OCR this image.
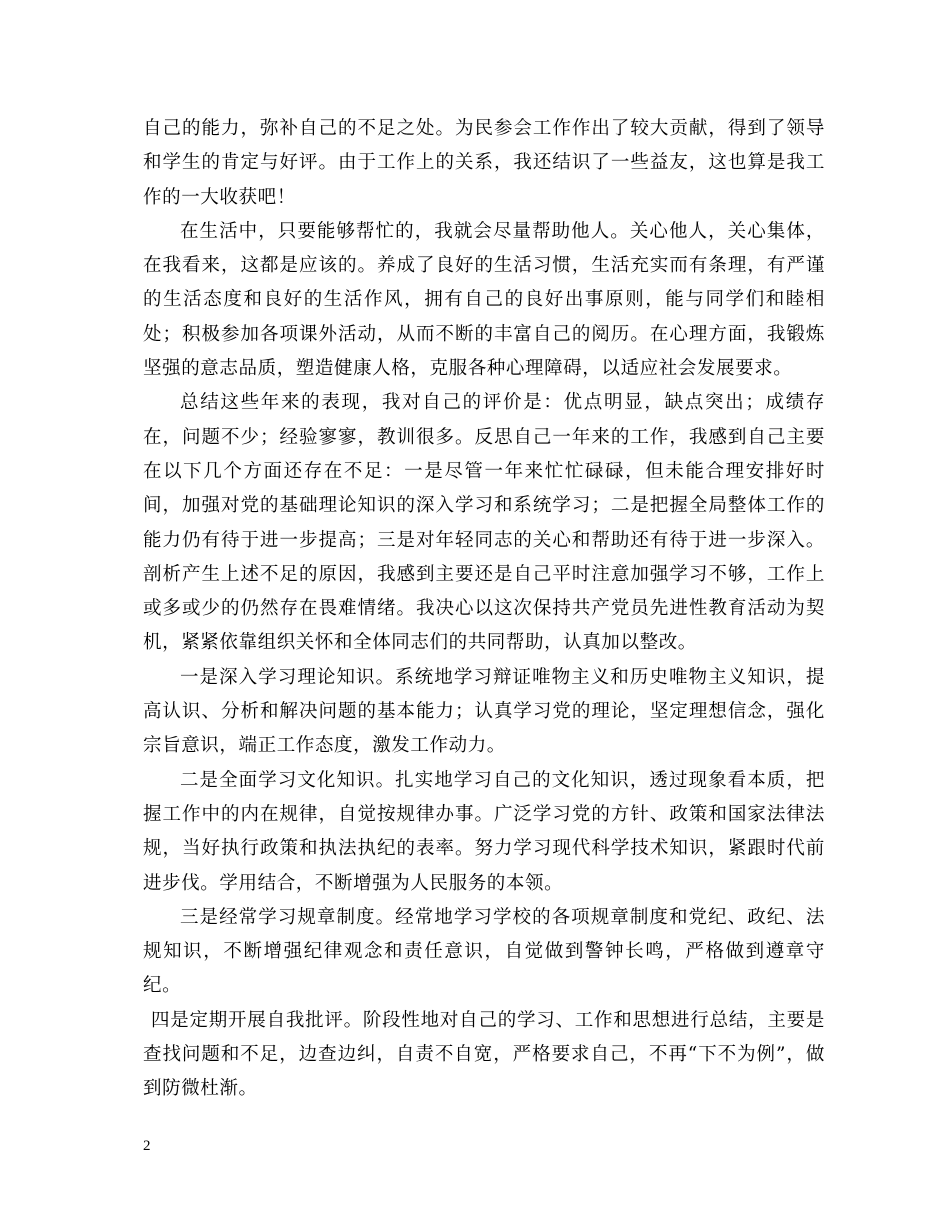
自己的能力，弥补自己的不足之处。为民参会工作作出了较大贡献，得到了领导和学生的肯定与好评。由于工作上的关系，我还结识了一些益友，这也算是我工作的一大收获吧！

在生活中，只要能够帮忙的，我就会尽量帮助他人。关心他人，关心集体，在我看来，这都是应该的。养成了良好的生活习惯，生活充实而有条理，有严谨的生活态度和良好的生活作风，拥有自己的良好出事原则，能与同学们和睦相处；积极参加各项课外活动，从而不断的丰富自己的阅历。在心理方面，我锻炼坚强的意志品质，塑造健康人格，克服各种心理障碍，以适应社会发展要求。

总结这些年来的表现，我对自己的评价是：优点明显，缺点突出；成绩存在，问题不少；经验寥寥，教训很多。反思自己一年来的工作，我感到自己主要在以下几个方面还存在不足：一是尽管一年来忙忙碌碌，但未能合理安排好时间，加强对党的基础理论知识的深入学习和系统学习；二是把握全局整体工作的能力仍有待于进一步提高；三是对年轻同志的关心和帮助还有待于进一步深入。剖析产生上述不足的原因，我感到主要还是自己平时注意加强学习不够，工作上或多或少的仍然存在畏难情绪。我决心以这次保持共产党员先进性教育活动为契机，紧紧依靠组织关怀和全体同志们的共同帮助，认真加以整改。

一是深入学习理论知识。系统地学习辩证唯物主义和历史唯物主义知识，提高认识、分析和解决问题的基本能力；认真学习党的理论，坚定理想信念，强化宗旨意识，端正工作态度，激发工作动力。

二是全面学习文化知识。扎实地学习自己的文化知识，透过现象看本质，把握工作中的内在规律，自觉按规律办事。广泛学习党的方针、政策和国家法律法规，当好执行政策和执法执纪的表率。努力学习现代科学技术知识，紧跟时代前进步伐。学用结合，不断增强为人民服务的本领。

三是经常学习规章制度。经常地学习学校的各项规章制度和党纪、政纪、法规知识，不断增强纪律观念和责任意识，自觉做到警钟长鸣，严格做到遵章守纪。

四是定期开展自我批评。阶段性地对自己的学习、工作和思想进行总结，主要是查找问题和不足，边查边纠，自责不自宽，严格要求自己，不再“下不为例”，做到防微杜渐。

2
